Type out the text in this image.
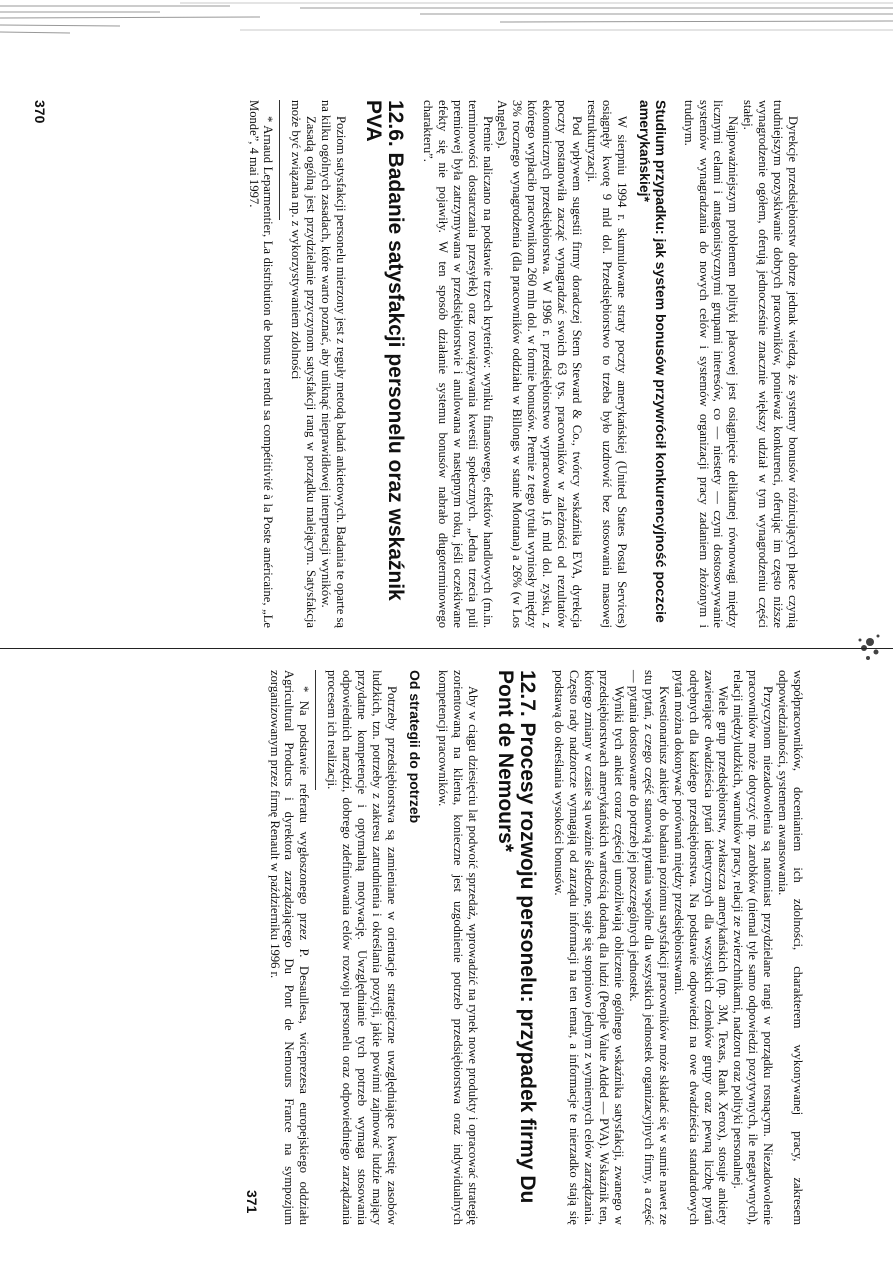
Dyrekcje przedsiębiorstw dobrze jednak wiedzą, że systemy bonusów różnicujących płace czynią trudniejszym pozyskiwanie dobrych pracowników, ponieważ konkurenci, oferując im często niższe wynagrodzenie ogółem, oferują jednocześnie znacznie większy udział w tym wynagrodzeniu części stałej.

Najpoważniejszym problemem polityki płacowej jest osiągnięcie delikatnej równowagi między licznymi celami i antagonistycznymi grupami interesów, co — niestety — czyni dostosowywanie systemów wynagradzania do nowych celów i systemów organizacji pracy zadaniem złożonym i trudnym.

Studium przypadku: jak system bonusów przywrócił konkurencyjność poczcie amerykańskiej*

W sierpniu 1994 r. skumulowane straty poczty amerykańskiej (United States Postal Services) osiągnęły kwotę 9 mld dol. Przedsiębiorstwo to trzeba było uzdrowić bez stosowania masowej restrukturyzacji.

Pod wpływem sugestii firmy doradczej Stern Steward & Co., twórcy wskaźnika EVA, dyrekcja poczty postanowiła zacząć wynagradzać swoich 63 tys. pracowników w zależności od rezultatów ekonomicznych przedsiębiorstwa. W 1996 r. przedsiębiorstwo wypracowało 1,6 mld dol. zysku, z którego wypłaciło pracownikom 260 mln dol. w formie bonusów. Premie z tego tytułu wyniosły między 3% rocznego wynagrodzenia (dla pracowników oddziału w Billongs w stanie Montana) a 26% (w Los Angeles).

Premie naliczano na podstawie trzech kryteriów: wyniku finansowego, efektów handlowych (m.in. terminowości dostarczania przesyłek) oraz rozwiązywania kwestii społecznych. „Jedna trzecia puli premiowej była zatrzymywana w przedsiębiorstwie i anulowana w następnym roku, jeśli oczekiwane efekty się nie pojawiły. W ten sposób działanie systemu bonusów nabrało długoterminowego charakteru”.

12.6. Badanie satysfakcji personelu oraz wskaźnik PVA

Poziom satysfakcji personelu mierzony jest z reguły metodą badań ankietowych. Badania te oparte są na kilku ogólnych zasadach, które warto poznać, aby uniknąć nieprawidłowej interpretacji wyników.

Zasadą ogólną jest przydzielanie przyczynom satysfakcji rang w porządku malejącym. Satysfakcja może być związana np. z wykorzystywaniem zdolności

* Arnaud Leparmentier, La distribution de bonus a rendu sa compétitivité à la Poste américaine, „Le Monde”, 4 mai 1997.

370

współpracowników, docenianiem ich zdolności, charakterem wykonywanej pracy, zakresem odpowiedzialności, systemem awansowania.

Przyczynom niezadowolenia są natomiast przydzielane rangi w porządku rosnącym. Niezadowolenie pracowników może dotyczyć np. zarobków (niemal tyle samo odpowiedzi pozytywnych, ile negatywnych), relacji międzyludzkich, warunków pracy, relacji ze zwierzchnikami, nadzoru oraz polityki personalnej.

Wiele grup przedsiębiorstw, zwłaszcza amerykańskich (np. 3M, Texas, Rank Xerox), stosuje ankiety zawierające dwadzieścia pytań identycznych dla wszystkich członków grupy oraz pewną liczbę pytań odrębnych dla każdego przedsiębiorstwa. Na podstawie odpowiedzi na owe dwadzieścia standardowych pytań można dokonywać porównań między przedsiębiorstwami.

Kwestionariusz ankiety do badania poziomu satysfakcji pracowników może składać się w sumie nawet ze stu pytań, z czego część stanowią pytania wspólne dla wszystkich jednostek organizacyjnych firmy, a część — pytania dostosowane do potrzeb jej poszczególnych jednostek.

Wyniki tych ankiet coraz częściej umożliwiają obliczenie ogólnego wskaźnika satysfakcji, zwanego w przedsiębiorstwach amerykańskich wartością dodaną dla ludzi (People Value Added — PVA). Wskaźnik ten, którego zmiany w czasie są uważnie śledzone, staje się stopniowo jednym z wymiernych celów zarządzania. Często rady nadzorcze wymagają od zarządu informacji na ten temat, a informacje te nierzadko stają się podstawą do określania wysokości bonusów.

12.7. Procesy rozwoju personelu: przypadek firmy Du Pont de Nemours*

Aby w ciągu dziesięciu lat podwoić sprzedaż, wprowadzić na rynek nowe produkty i opracować strategię zorientowaną na klienta, konieczne jest uzgodnienie potrzeb przedsiębiorstwa oraz indywidualnych kompetencji pracowników.

Od strategii do potrzeb

Potrzeby przedsiębiorstwa są zamieniane w orientacje strategiczne uwzględniające kwestię zasobów ludzkich, tzn. potrzeby z zakresu zatrudnienia i określania pozycji, jakie powinni zajmować ludzie mający przydatne kompetencje i optymalną motywację. Uwzględnianie tych potrzeb wymaga stosowania odpowiednich narzędzi, dobrego zdefiniowania celów rozwoju personelu oraz odpowiedniego zarządzania procesem ich realizacji.

* Na podstawie referatu wygłoszonego przez P. Desaullesa, wiceprezesa europejskiego oddziału Agricultural Products i dyrektora zarządzającego Du Pont de Nemours France na sympozjum zorganizowanym przez firmę Renault w październiku 1996 r.

371
